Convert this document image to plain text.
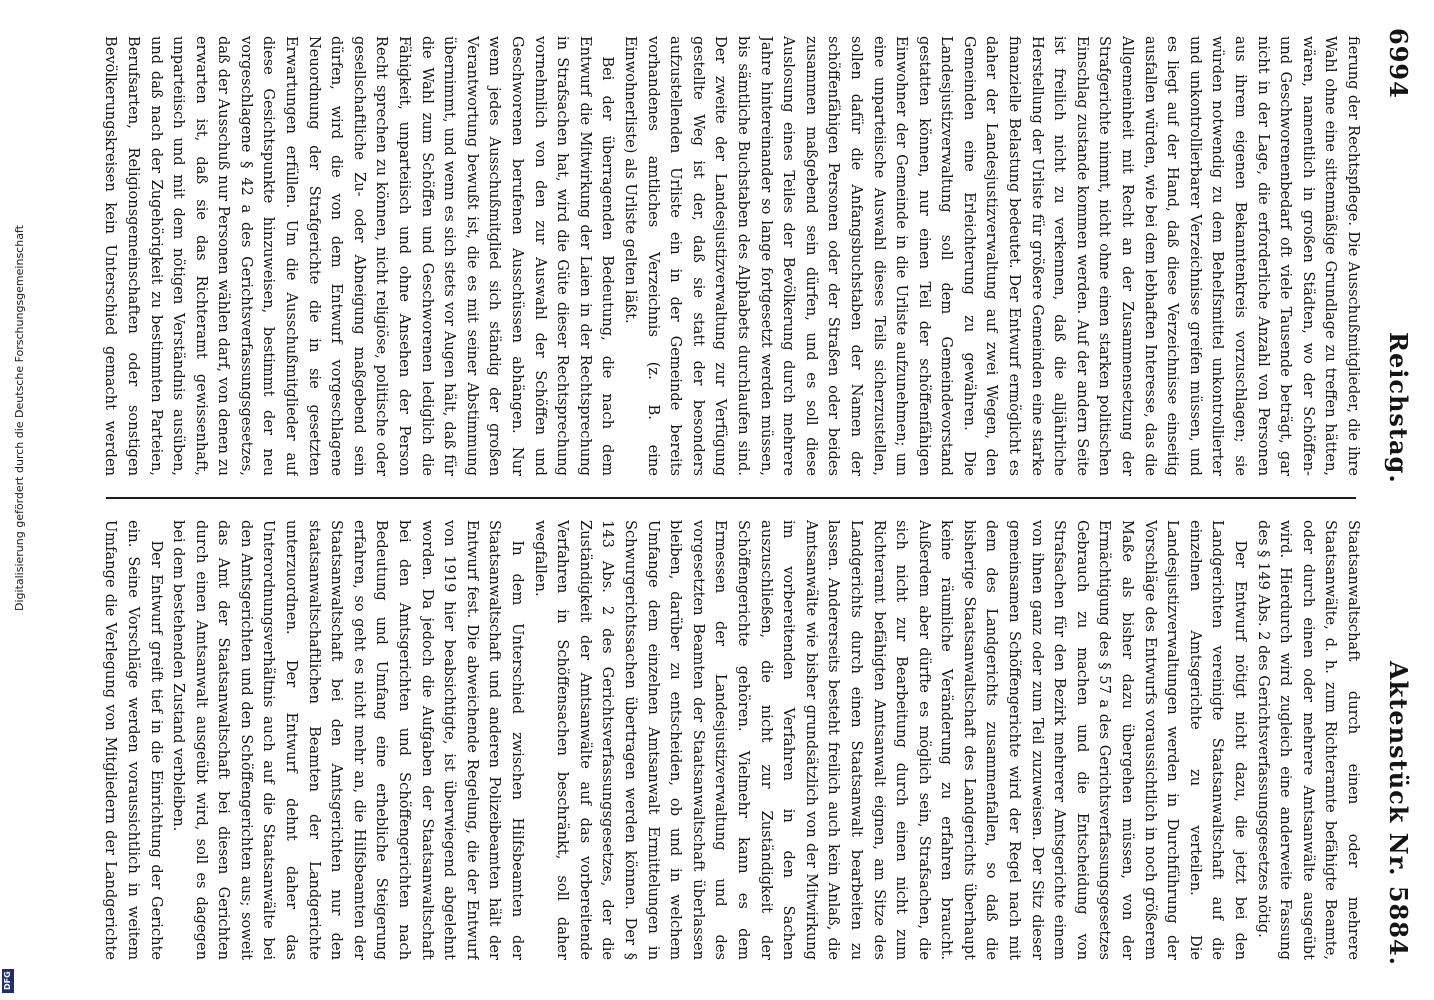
6994
Reichstag.
Aktenstück Nr. 5884.

fierung der Rechtspflege. Die Ausschußmitglieder, die ihre Wahl ohne eine sittenmäßige Grundlage zu treffen hätten, wären, namentlich in großen Städten, wo der Schöffen- und Geschworenenbedarf oft viele Tausende beträgt, gar nicht in der Lage, die erforderliche Anzahl von Personen aus ihrem eigenen Bekanntenkreis vorzuschlagen; sie würden notwendig zu dem Behelfsmittel unkontrollierter und unkontrollierbarer Verzeichnisse greifen müssen, und es liegt auf der Hand, daß diese Verzeichnisse einseitig ausfallen würden, wie bei dem lebhaften Interesse, das die Allgemeinheit mit Recht an der Zusammensetzung der Strafgerichte nimmt, nicht ohne einen starken politischen Einschlag zustande kommen werden. Auf der andern Seite ist freilich nicht zu verkennen, daß die alljährliche Herstellung der Urliste für größere Gemeinden eine starke finanzielle Belastung bedeutet. Der Entwurf ermöglicht es daher der Landesjustizverwaltung auf zwei Wegen, den Gemeinden eine Erleichterung zu gewähren. Die Landesjustizverwaltung soll dem Gemeindevorstand gestatten können, nur einen Teil der schöffenfähigen Einwohner der Gemeinde in die Urliste aufzunehmen; um eine unparteiische Auswahl dieses Teils sicherzustellen, sollen dafür die Anfangsbuchstaben der Namen der schöffenfähigen Personen oder der Straßen oder beides zusammen maßgebend sein dürfen, und es soll diese Auslosung eines Teiles der Bevölkerung durch mehrere Jahre hintereinander so lange fortgesetzt werden müssen, bis sämtliche Buchstaben des Alphabets durchlaufen sind. Der zweite der Landesjustizverwaltung zur Verfügung gestellte Weg ist der, daß sie statt der besonders aufzustellenden Urliste ein in der Gemeinde bereits vorhandenes amtliches Verzeichnis (z. B. eine Einwohnerliste) als Urliste gelten läßt.

Bei der überragenden Bedeutung, die nach dem Entwurf die Mitwirkung der Laien in der Rechtsprechung in Strafsachen hat, wird die Güte dieser Rechtsprechung vornehmlich von den zur Auswahl der Schöffen und Geschworenen berufenen Ausschüssen abhängen. Nur wenn jedes Ausschußmitglied sich ständig der großen Verantwortung bewußt ist, die es mit seiner Abstimmung übernimmt, und wenn es sich stets vor Augen hält, daß für die Wahl zum Schöffen und Geschworenen lediglich die Fähigkeit, unparteiisch und ohne Ansehen der Person Recht sprechen zu können, nicht religiöse, politische oder gesellschaftliche Zu- oder Abneigung maßgebend sein dürfen, wird die von dem Entwurf vorgeschlagene Neuordnung der Strafgerichte die in sie gesetzten Erwartungen erfüllen. Um die Ausschußmitglieder auf diese Gesichtspunkte hinzuweisen, bestimmt der neu vorgeschlagene § 42 a des Gerichtsverfassungsgesetzes, daß der Ausschuß nur Personen wählen darf, von denen zu erwarten ist, daß sie das Richteramt gewissenhaft, unparteiisch und mit dem nötigen Verständnis ausüben, und daß nach der Zugehörigkeit zu bestimmten Parteien, Berufsarten, Religionsgemeinschaften oder sonstigen Bevölkerungskreisen kein Unterschied gemacht werden

Staatsanwaltschaft durch einen oder mehrere Staatsanwälte, d. h. zum Richteramte befähigte Beamte, oder durch einen oder mehrere Amtsanwälte ausgeübt wird. Hierdurch wird zugleich eine anderweite Fassung des § 149 Abs. 2 des Gerichtsverfassungsgesetzes nötig.

Der Entwurf nötigt nicht dazu, die jetzt bei den Landgerichten vereinigte Staatsanwaltschaft auf die einzelnen Amtsgerichte zu verteilen. Die Landesjustizverwaltungen werden in Durchführung der Vorschläge des Entwurfs voraussichtlich in noch größerem Maße als bisher dazu übergehen müssen, von der Ermächtigung des § 57 a des Gerichtsverfassungsgesetzes Gebrauch zu machen und die Entscheidung von Strafsachen für den Bezirk mehrerer Amtsgerichte einem von ihnen ganz oder zum Teil zuzuweisen. Der Sitz dieser gemeinsamen Schöffengerichte wird der Regel nach mit dem des Landgerichts zusammenfallen, so daß die bisherige Staatsanwaltschaft des Landgerichts überhaupt keine räumliche Veränderung zu erfahren braucht. Außerdem aber dürfte es möglich sein, Strafsachen, die sich nicht zur Bearbeitung durch einen nicht zum Richteramt befähigten Amtsanwalt eignen, am Sitze des Landgerichts durch einen Staatsanwalt bearbeiten zu lassen. Andererseits besteht freilich auch kein Anlaß, die Amtsanwälte wie bisher grundsätzlich von der Mitwirkung im vorbereitenden Verfahren in den Sachen auszuschließen, die nicht zur Zuständigkeit der Schöffengerichte gehören. Vielmehr kann es dem Ermessen der Landesjustizverwaltung und des vorgesetzten Beamten der Staatsanwaltschaft überlassen bleiben, darüber zu entscheiden, ob und in welchem Umfange dem einzelnen Amtsanwalt Ermittelungen in Schwurgerichtssachen übertragen werden können. Der § 143 Abs. 2 des Gerichtsverfassungsgesetzes, der die Zuständigkeit der Amtsanwälte auf das vorbereitende Verfahren in Schöffensachen beschränkt, soll daher wegfallen.

In dem Unterschied zwischen Hilfsbeamten der Staatsanwaltschaft und anderen Polizeibeamten hält der Entwurf fest. Die abweichende Regelung, die der Entwurf von 1919 hier beabsichtigte, ist überwiegend abgelehnt worden. Da jedoch die Aufgaben der Staatsanwaltschaft bei den Amtsgerichten und Schöffengerichten nach Bedeutung und Umfang eine erhebliche Steigerung erfahren, so geht es nicht mehr an, die Hilfsbeamten der Staatsanwaltschaft bei den Amtsgerichten nur den staatsanwaltschaftlichen Beamten der Landgerichte unterzuordnen. Der Entwurf dehnt daher das Unterordnungsverhältnis auch auf die Staatsanwälte bei den Amtsgerichten und den Schöffengerichten aus; soweit das Amt der Staatsanwaltschaft bei diesen Gerichten durch einen Amtsanwalt ausgeübt wird, soll es dagegen bei dem bestehenden Zustand verbleiben.

Der Entwurf greift tief in die Einrichtung der Gerichte ein. Seine Vorschläge werden voraussichtlich in weitem Umfange die Verlegung von Mitgliedern der Landgerichte

Digitalisierung gefördert durch die Deutsche Forschungsgemeinschaft
DFG
